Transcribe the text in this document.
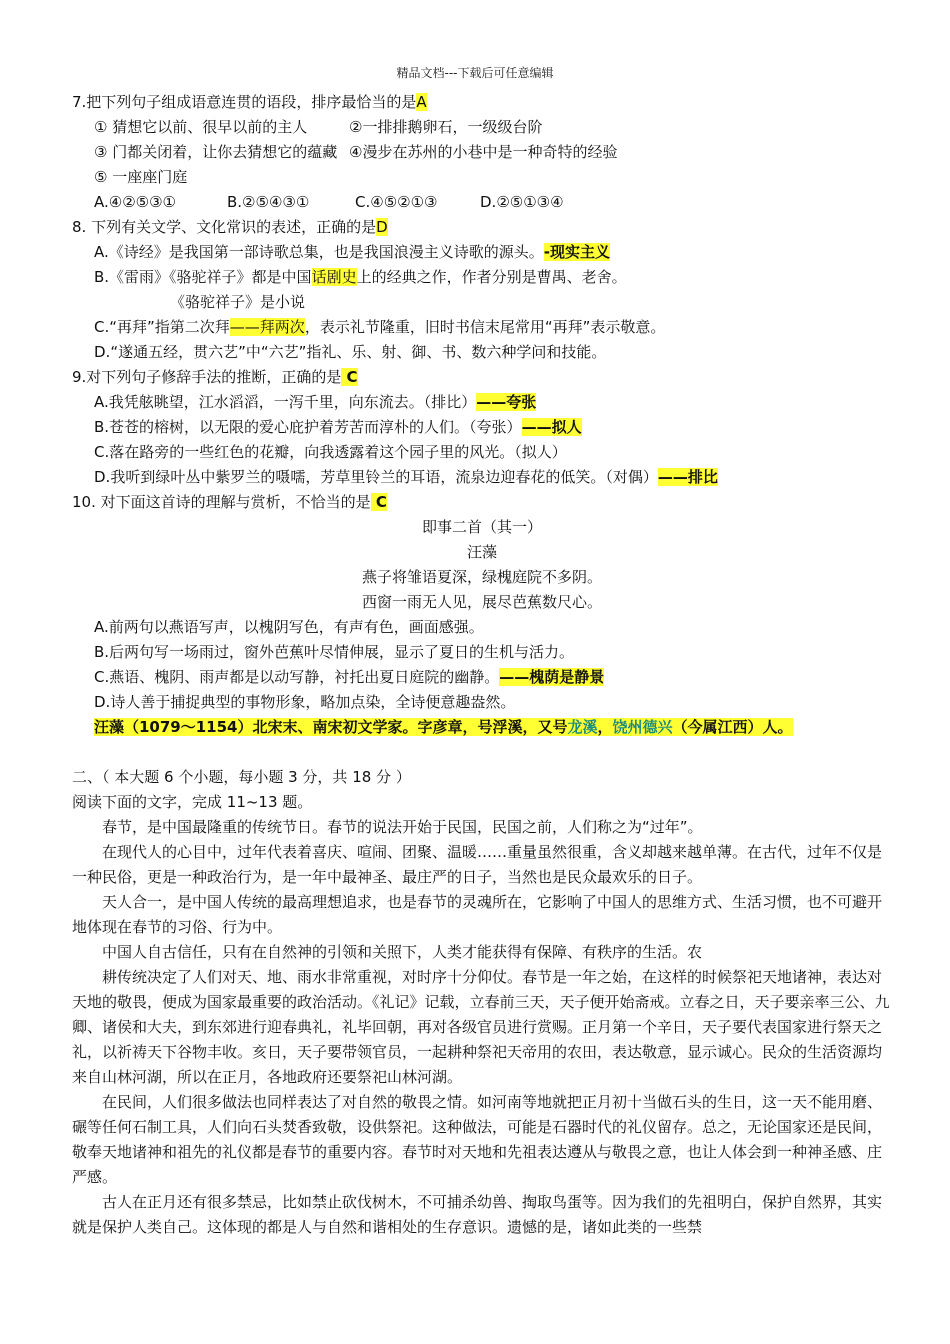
精品文档---下载后可任意编辑
7.把下列句子组成语意连贯的语段，排序最恰当的是A
① 猜想它以前、很早以前的主人	②一排排鹅卵石，一级级台阶
③ 门都关闭着，让你去猜想它的蕴藏 ④漫步在苏州的小巷中是一种奇特的经验
⑤ 一座座门庭
A.④②⑤③①	B.②⑤④③①	C.④⑤②①③	D.②⑤①③④
8. 下列有关文学、文化常识的表述，正确的是D
A.《诗经》是我国第一部诗歌总集，也是我国浪漫主义诗歌的源头。-现实主义
B.《雷雨》《骆驼祥子》都是中国话剧史上的经典之作，作者分别是曹禺、老舍。
《骆驼祥子》是小说
C.“再拜”指第二次拜——拜两次，表示礼节隆重，旧时书信末尾常用“再拜”表示敬意。
D.“遂通五经，贯六艺”中“六艺”指礼、乐、射、御、书、数六种学问和技能。
9.对下列句子修辞手法的推断，正确的是 C
A.我凭舷眺望，江水滔滔，一泻千里，向东流去。（排比）——夸张
B.苍苍的榕树，以无限的爱心庇护着芳苦而淳朴的人们。（夸张）——拟人
C.落在路旁的一些红色的花瓣，向我透露着这个园子里的风光。（拟人）
D.我听到绿叶丛中紫罗兰的嗫嚅，芳草里铃兰的耳语，流泉边迎春花的低笑。（对偶）——排比
10. 对下面这首诗的理解与赏析，不恰当的是 C
即事二首（其一）
汪藻
燕子将雏语夏深，绿槐庭院不多阴。
西窗一雨无人见，展尽芭蕉数尺心。
A.前两句以燕语写声，以槐阴写色，有声有色，画面感强。
B.后两句写一场雨过，窗外芭蕉叶尽情伸展，显示了夏日的生机与活力。
C.燕语、槐阴、雨声都是以动写静，衬托出夏日庭院的幽静。——槐荫是静景
D.诗人善于捕捉典型的事物形象，略加点染，全诗便意趣盎然。
汪藻（1079～1154）北宋末、南宋初文学家。字彦章，号浮溪，又号龙溪，饶州德兴（今属江西）人。
二、（ 本大题 6 个小题，每小题 3 分，共 18 分 ）
阅读下面的文字，完成 11~13 题。
春节，是中国最隆重的传统节日。春节的说法开始于民国，民国之前，人们称之为“过年”。
在现代人的心目中，过年代表着喜庆、喧闹、团聚、温暖……重量虽然很重，含义却越来越单薄。在古代，过年不仅是一种民俗，更是一种政治行为，是一年中最神圣、最庄严的日子，当然也是民众最欢乐的日子。
天人合一，是中国人传统的最高理想追求，也是春节的灵魂所在，它影响了中国人的思维方式、生活习惯，也不可避开地体现在春节的习俗、行为中。
中国人自古信任，只有在自然神的引领和关照下，人类才能获得有保障、有秩序的生活。农
耕传统决定了人们对天、地、雨水非常重视，对时序十分仰仗。春节是一年之始，在这样的时候祭祀天地诸神，表达对天地的敬畏，便成为国家最重要的政治活动。《礼记》记载，立春前三天，天子便开始斋戒。立春之日，天子要亲率三公、九卿、诸侯和大夫，到东郊进行迎春典礼，礼毕回朝，再对各级官员进行赏赐。正月第一个辛日，天子要代表国家进行祭天之礼，以祈祷天下谷物丰收。亥日，天子要带领官员，一起耕种祭祀天帝用的农田，表达敬意，显示诚心。民众的生活资源均来自山林河湖，所以在正月，各地政府还要祭祀山林河湖。
在民间，人们很多做法也同样表达了对自然的敬畏之情。如河南等地就把正月初十当做石头的生日，这一天不能用磨、碾等任何石制工具，人们向石头焚香致敬，设供祭祀。这种做法，可能是石器时代的礼仪留存。总之，无论国家还是民间，敬奉天地诸神和祖先的礼仪都是春节的重要内容。春节时对天地和先祖表达遵从与敬畏之意，也让人体会到一种神圣感、庄严感。
古人在正月还有很多禁忌，比如禁止砍伐树木，不可捕杀幼兽、掏取鸟蛋等。因为我们的先祖明白，保护自然界，其实就是保护人类自己。这体现的都是人与自然和谐相处的生存意识。遗憾的是，诸如此类的一些禁
